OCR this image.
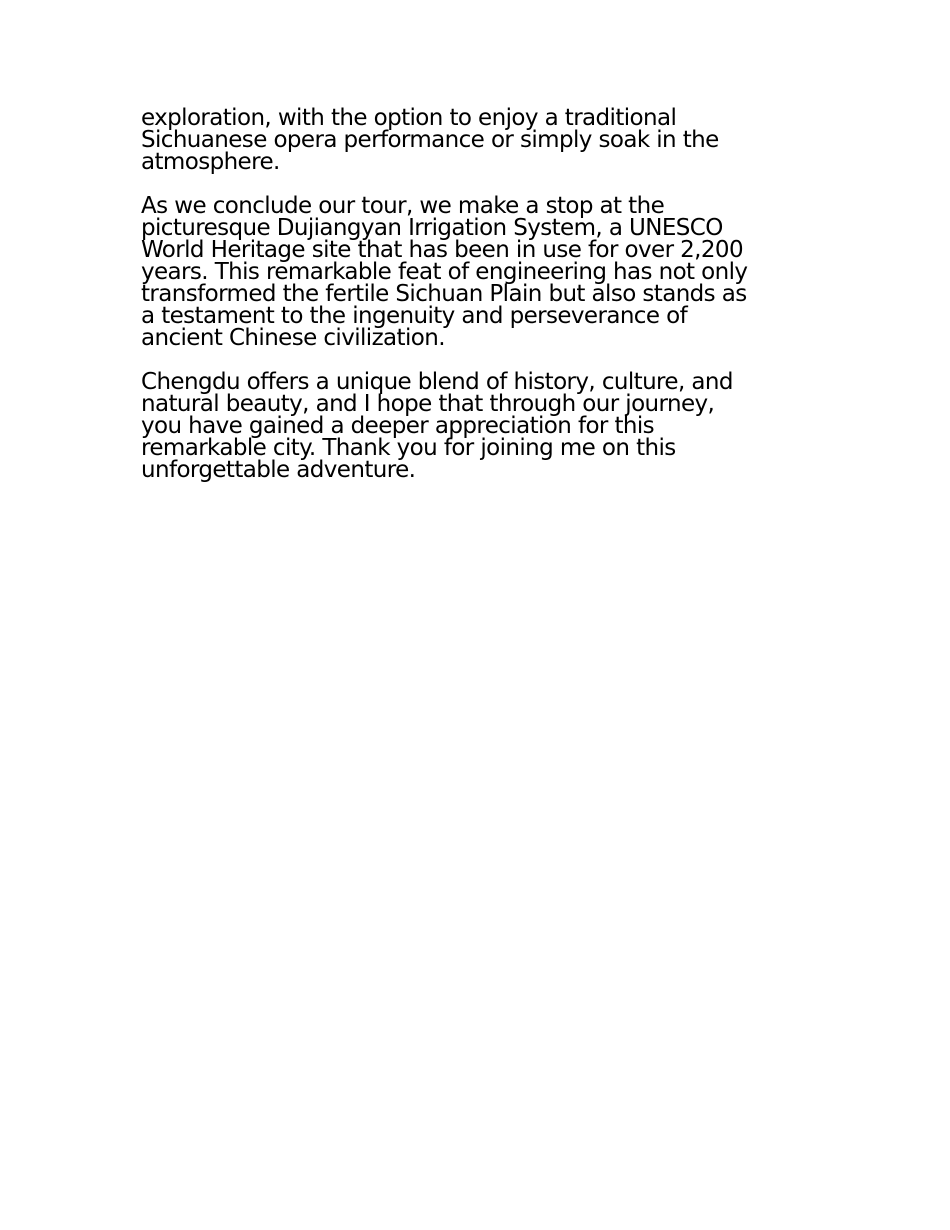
exploration, with the option to enjoy a traditional
Sichuanese opera performance or simply soak in the
atmosphere.

As we conclude our tour, we make a stop at the
picturesque Dujiangyan Irrigation System, a UNESCO
World Heritage site that has been in use for over 2,200
years. This remarkable feat of engineering has not only
transformed the fertile Sichuan Plain but also stands as
a testament to the ingenuity and perseverance of
ancient Chinese civilization.

Chengdu offers a unique blend of history, culture, and
natural beauty, and I hope that through our journey,
you have gained a deeper appreciation for this
remarkable city. Thank you for joining me on this
unforgettable adventure.
